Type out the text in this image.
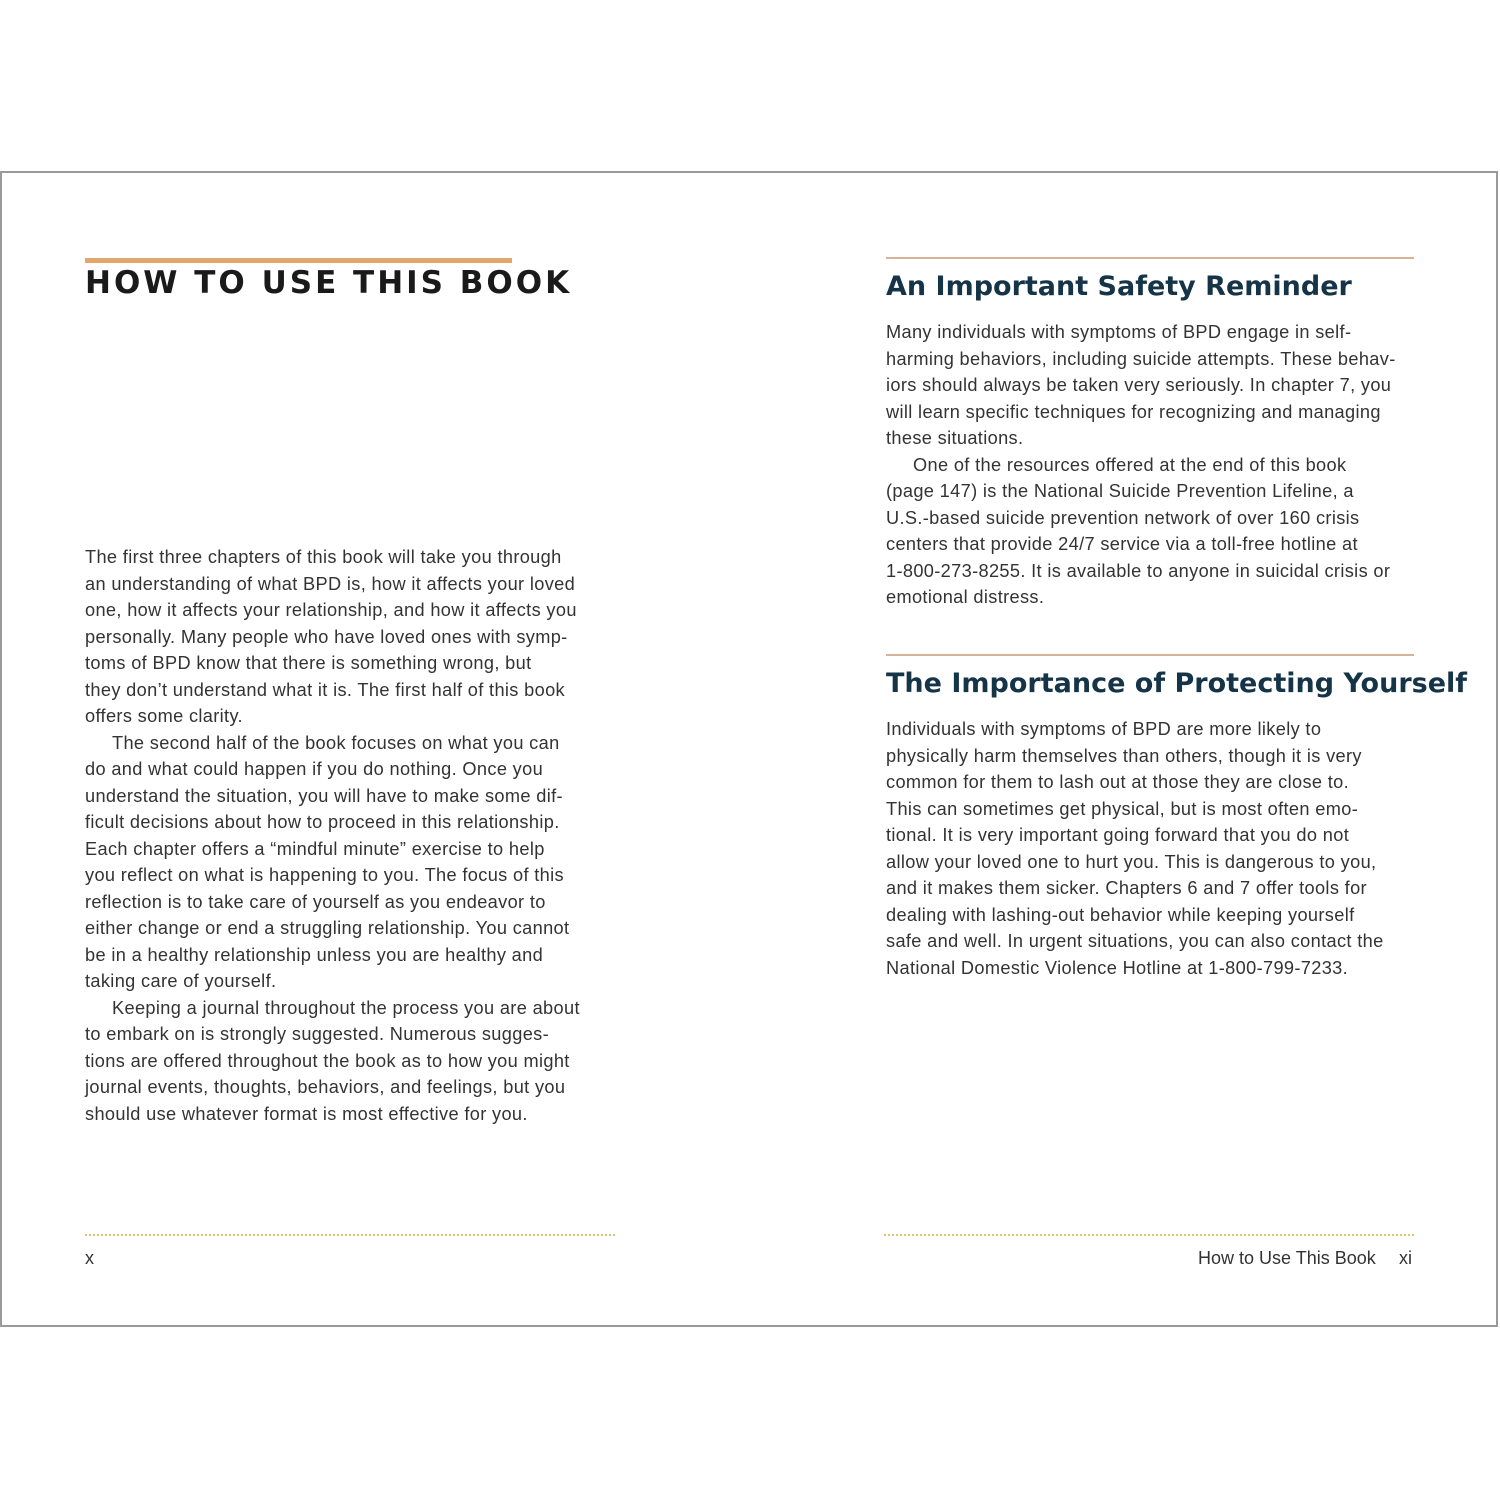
HOW TO USE THIS BOOK

The first three chapters of this book will take you through
an understanding of what BPD is, how it affects your loved
one, how it affects your relationship, and how it affects you
personally. Many people who have loved ones with symp-
toms of BPD know that there is something wrong, but
they don’t understand what it is. The first half of this book
offers some clarity.

The second half of the book focuses on what you can
do and what could happen if you do nothing. Once you
understand the situation, you will have to make some dif-
ficult decisions about how to proceed in this relationship.
Each chapter offers a “mindful minute” exercise to help
you reflect on what is happening to you. The focus of this
reflection is to take care of yourself as you endeavor to
either change or end a struggling relationship. You cannot
be in a healthy relationship unless you are healthy and
taking care of yourself.

Keeping a journal throughout the process you are about
to embark on is strongly suggested. Numerous sugges-
tions are offered throughout the book as to how you might
journal events, thoughts, behaviors, and feelings, but you
should use whatever format is most effective for you.

x
An Important Safety Reminder

Many individuals with symptoms of BPD engage in self-
harming behaviors, including suicide attempts. These behav-
iors should always be taken very seriously. In chapter 7, you
will learn specific techniques for recognizing and managing
these situations.

One of the resources offered at the end of this book
(page 147) is the National Suicide Prevention Lifeline, a
U.S.-based suicide prevention network of over 160 crisis
centers that provide 24/7 service via a toll-free hotline at
1-800-273-8255. It is available to anyone in suicidal crisis or
emotional distress.

The Importance of Protecting Yourself

Individuals with symptoms of BPD are more likely to
physically harm themselves than others, though it is very
common for them to lash out at those they are close to.
This can sometimes get physical, but is most often emo-
tional. It is very important going forward that you do not
allow your loved one to hurt you. This is dangerous to you,
and it makes them sicker. Chapters 6 and 7 offer tools for
dealing with lashing-out behavior while keeping yourself
safe and well. In urgent situations, you can also contact the
National Domestic Violence Hotline at 1-800-799-7233.

How to Use This Book xi
